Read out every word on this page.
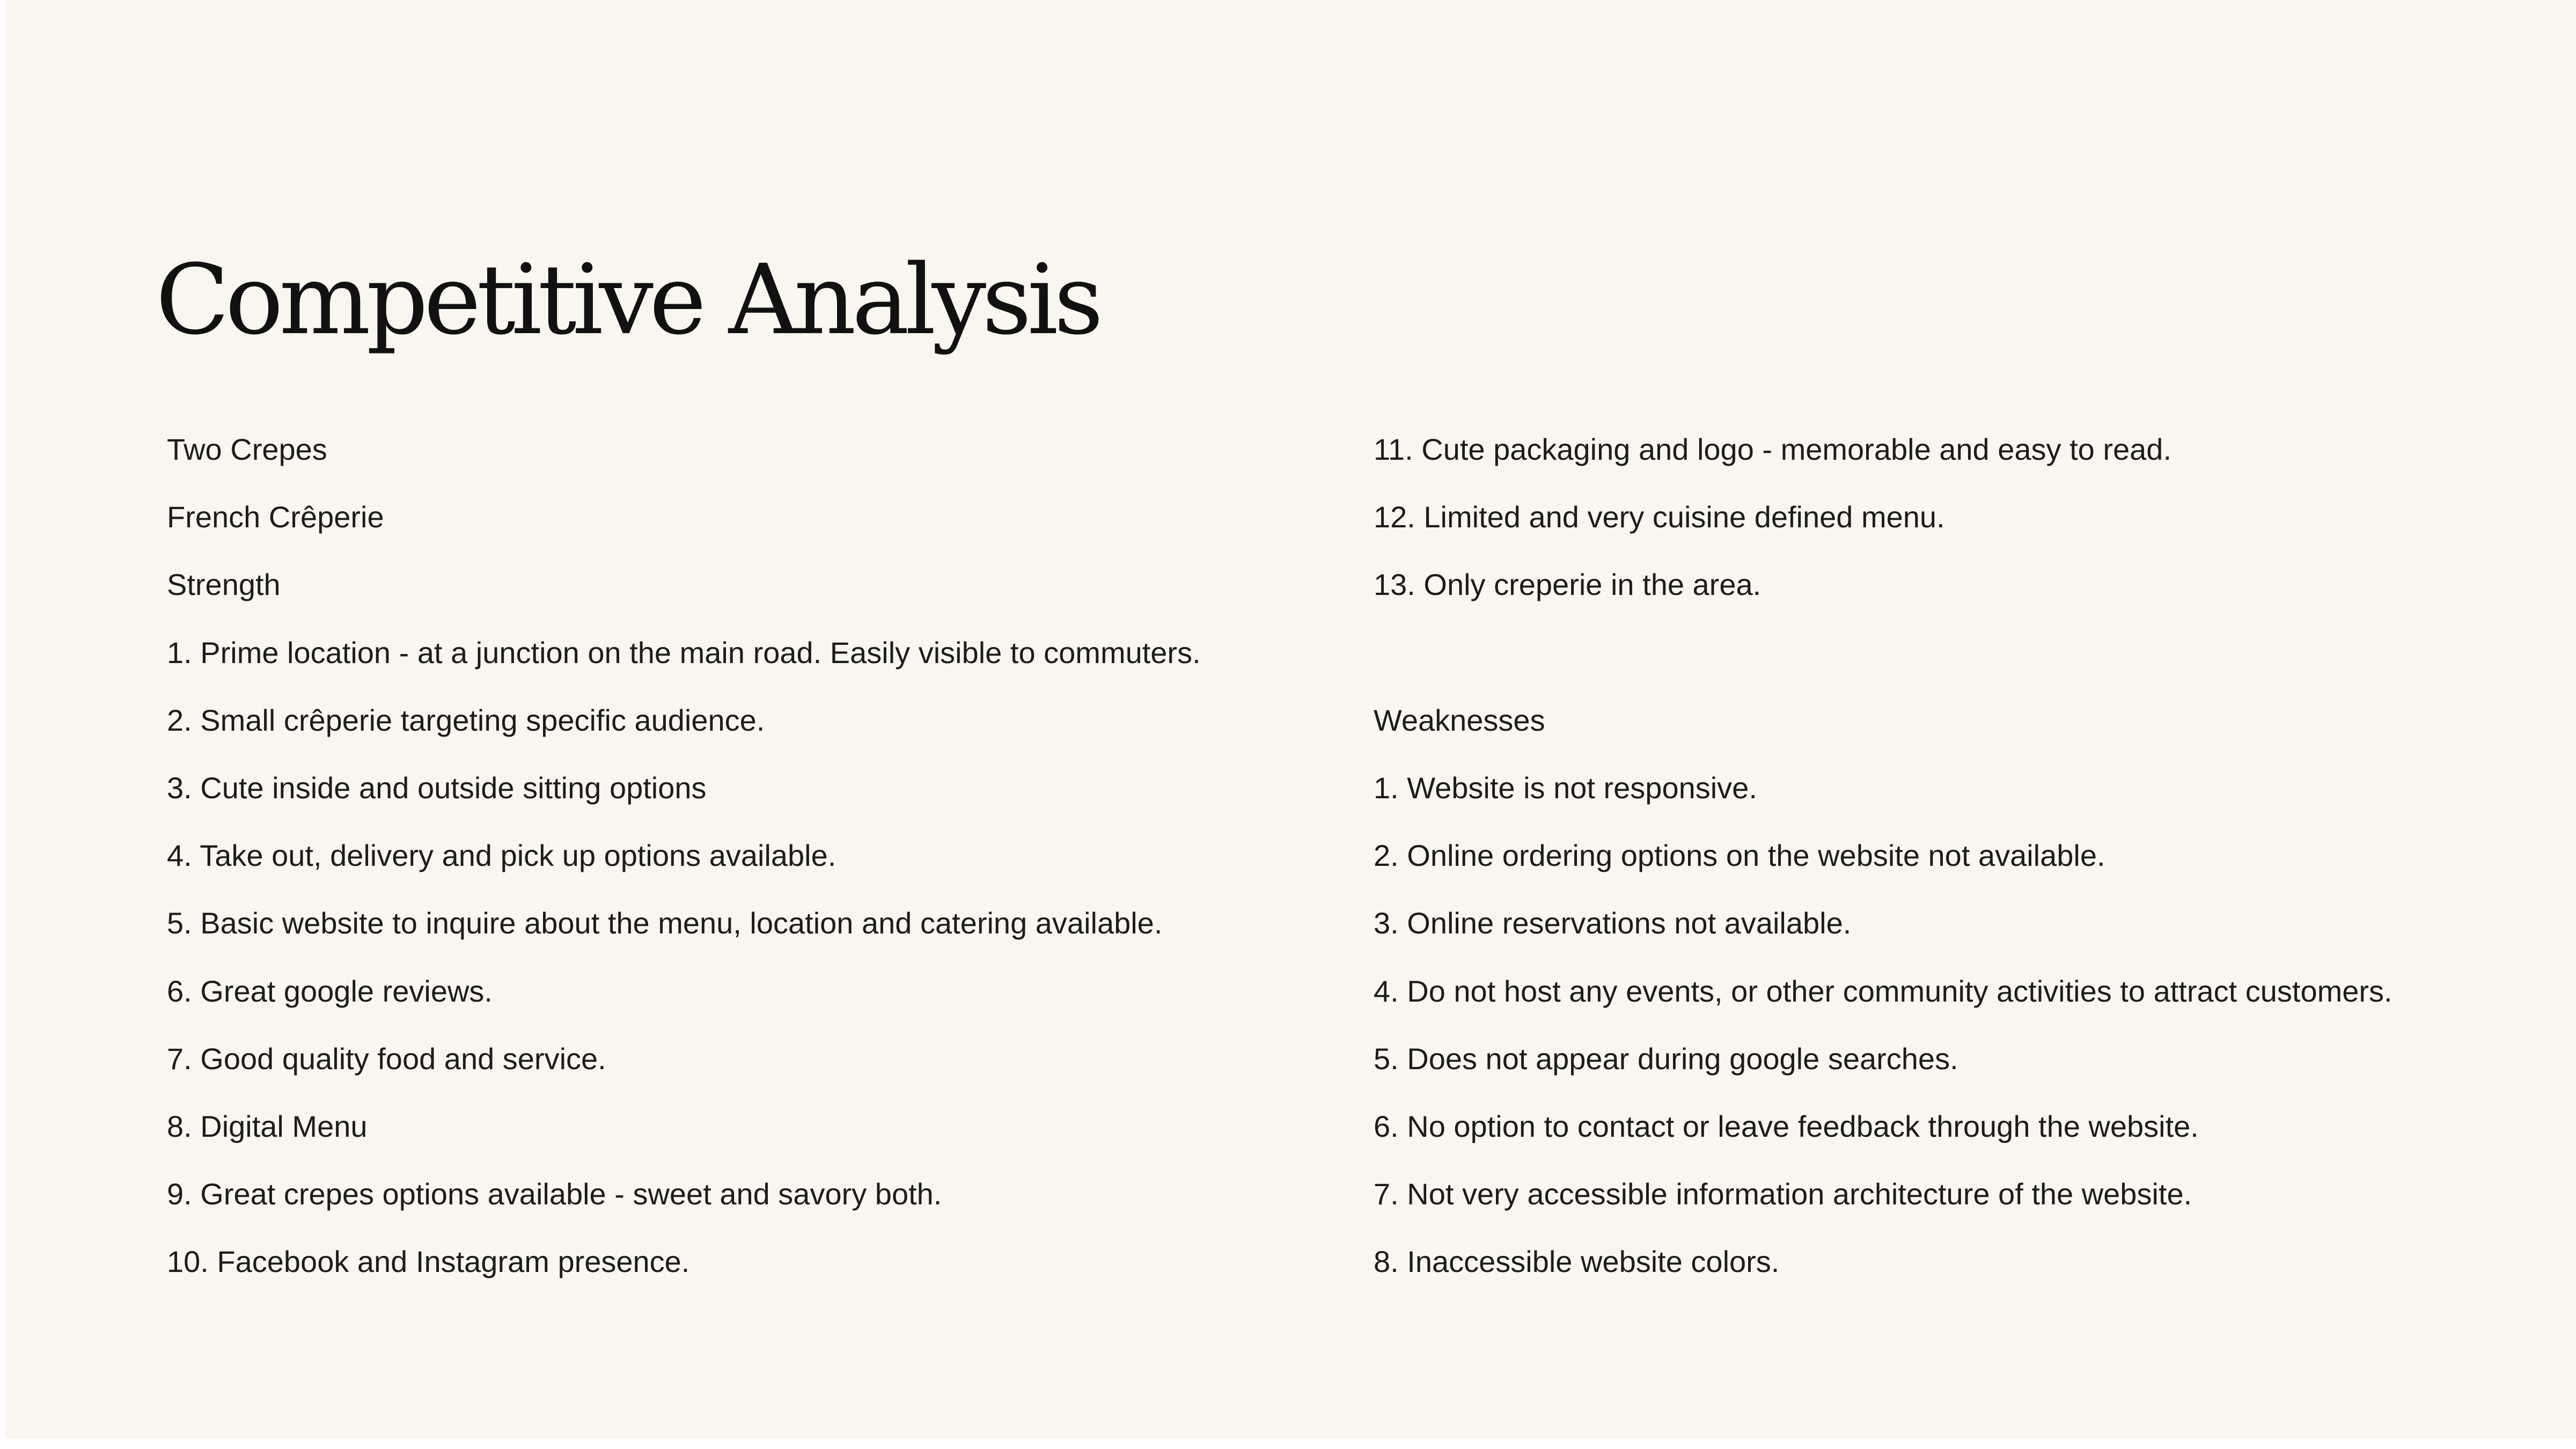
Competitive Analysis
Two Crepes
French Crêperie
Strength
1. Prime location - at a junction on the main road. Easily visible to commuters.
2. Small crêperie targeting specific audience.
3. Cute inside and outside sitting options
4. Take out, delivery and pick up options available.
5. Basic website to inquire about the menu, location and catering available.
6. Great google reviews.
7. Good quality food and service.
8. Digital Menu
9. Great crepes options available - sweet and savory both.
10. Facebook and Instagram presence.
11. Cute packaging and logo - memorable and easy to read.
12. Limited and very cuisine defined menu.
13. Only creperie in the area.
Weaknesses
1. Website is not responsive.
2. Online ordering options on the website not available.
3. Online reservations not available.
4. Do not host any events, or other community activities to attract customers.
5. Does not appear during google searches.
6. No option to contact or leave feedback through the website.
7. Not very accessible information architecture of the website.
8. Inaccessible website colors.
